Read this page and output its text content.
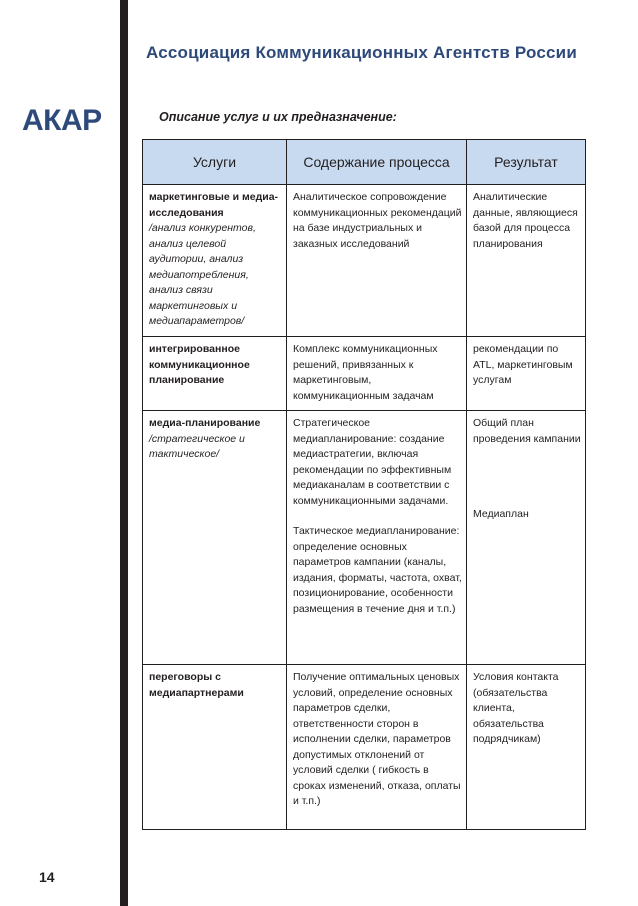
Ассоциация Коммуникационных Агентств России
АКАР	Описание услуг и их предназначение:
Услуги	Содержание процесса	Результат

маркетинговые и медиа-исследования
/анализ конкурентов, анализ целевой аудитории, анализ медиапотребления, анализ связи маркетинговых и медиапараметров/	Аналитическое сопровождение коммуникационных рекомендаций на базе индустриальных и заказных исследований	Аналитические данные, являющиеся базой для процесса планирования

интегрированное коммуникационное планирование	Комплекс коммуникационных решений, привязанных к маркетинговым, коммуникационным задачам	рекомендации по ATL, маркетинговым услугам

медиа-планирование
/стратегическое и тактическое/	Стратегическое медиапланирование: создание медиастратегии, включая рекомендации по эффективным медиаканалам в соответствии с коммуникационными задачами.
Тактическое медиапланирование: определение основных параметров кампании (каналы, издания, форматы, частота, охват, позиционирование, особенности размещения в течение дня и т.п.)	Общий план проведения кампании
Медиаплан

переговоры с медиапартнерами	Получение оптимальных ценовых условий, определение основных параметров сделки, ответственности сторон в исполнении сделки, параметров допустимых отклонений от условий сделки ( гибкость в сроках изменений, отказа, оплаты и т.п.)	Условия контакта (обязательства клиента, обязательства подрядчикам)
14
